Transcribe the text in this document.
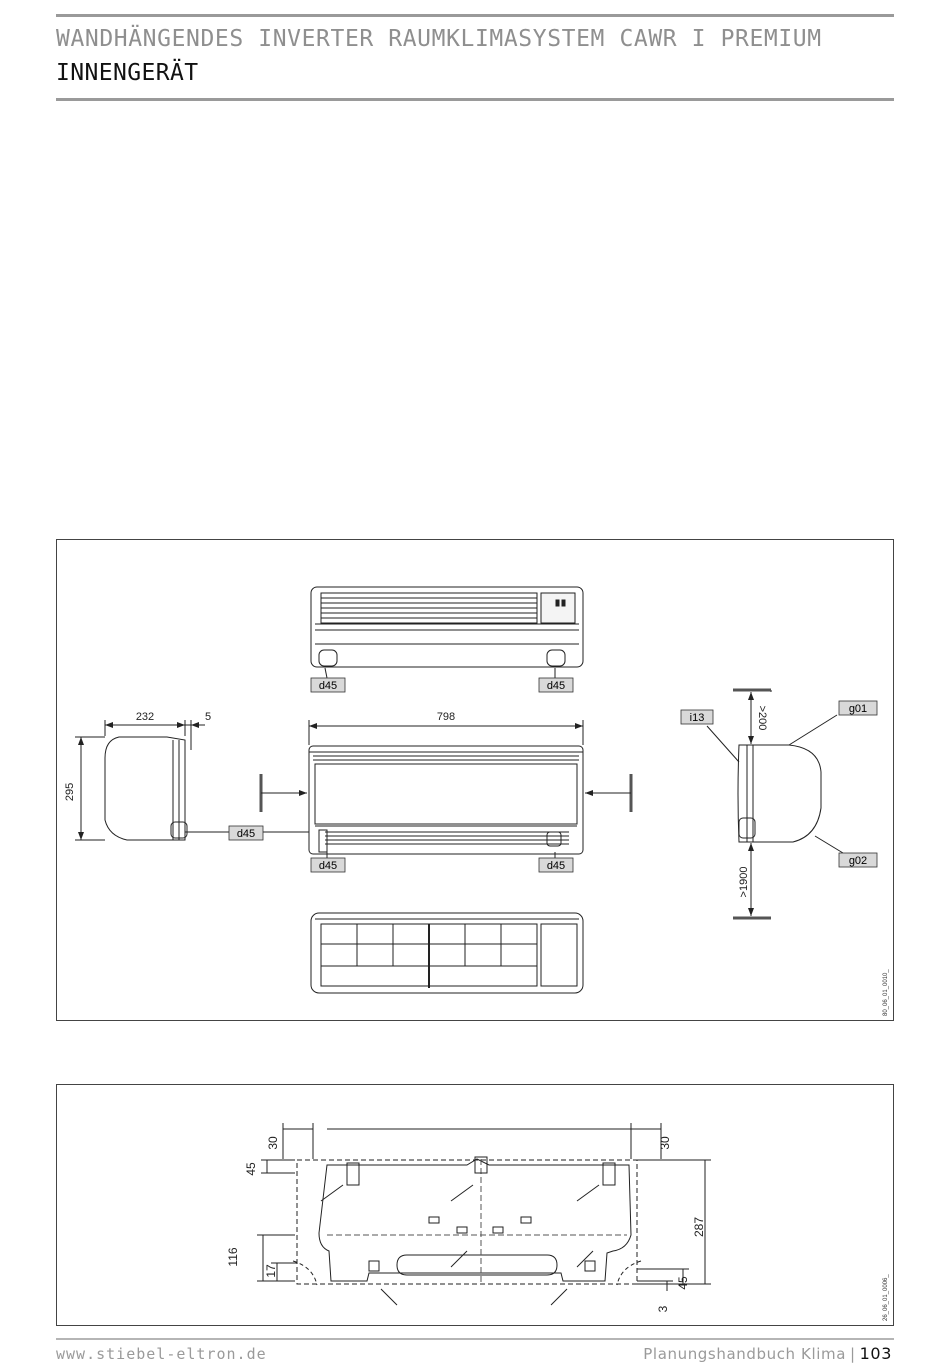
WANDHÄNGENDES INVERTER RAUMKLIMASYSTEM CAWR I PREMIUM
INNENGERÄT
d45	d45
d45
d45	d45
i13
g01
g02
232	5	798
295
>200
>1900
80_06_01_0010_
30	30
45
287
116
17
45
3	26_06_01_0006_
www.stiebel-eltron.de	Planungshandbuch Klima | 103
